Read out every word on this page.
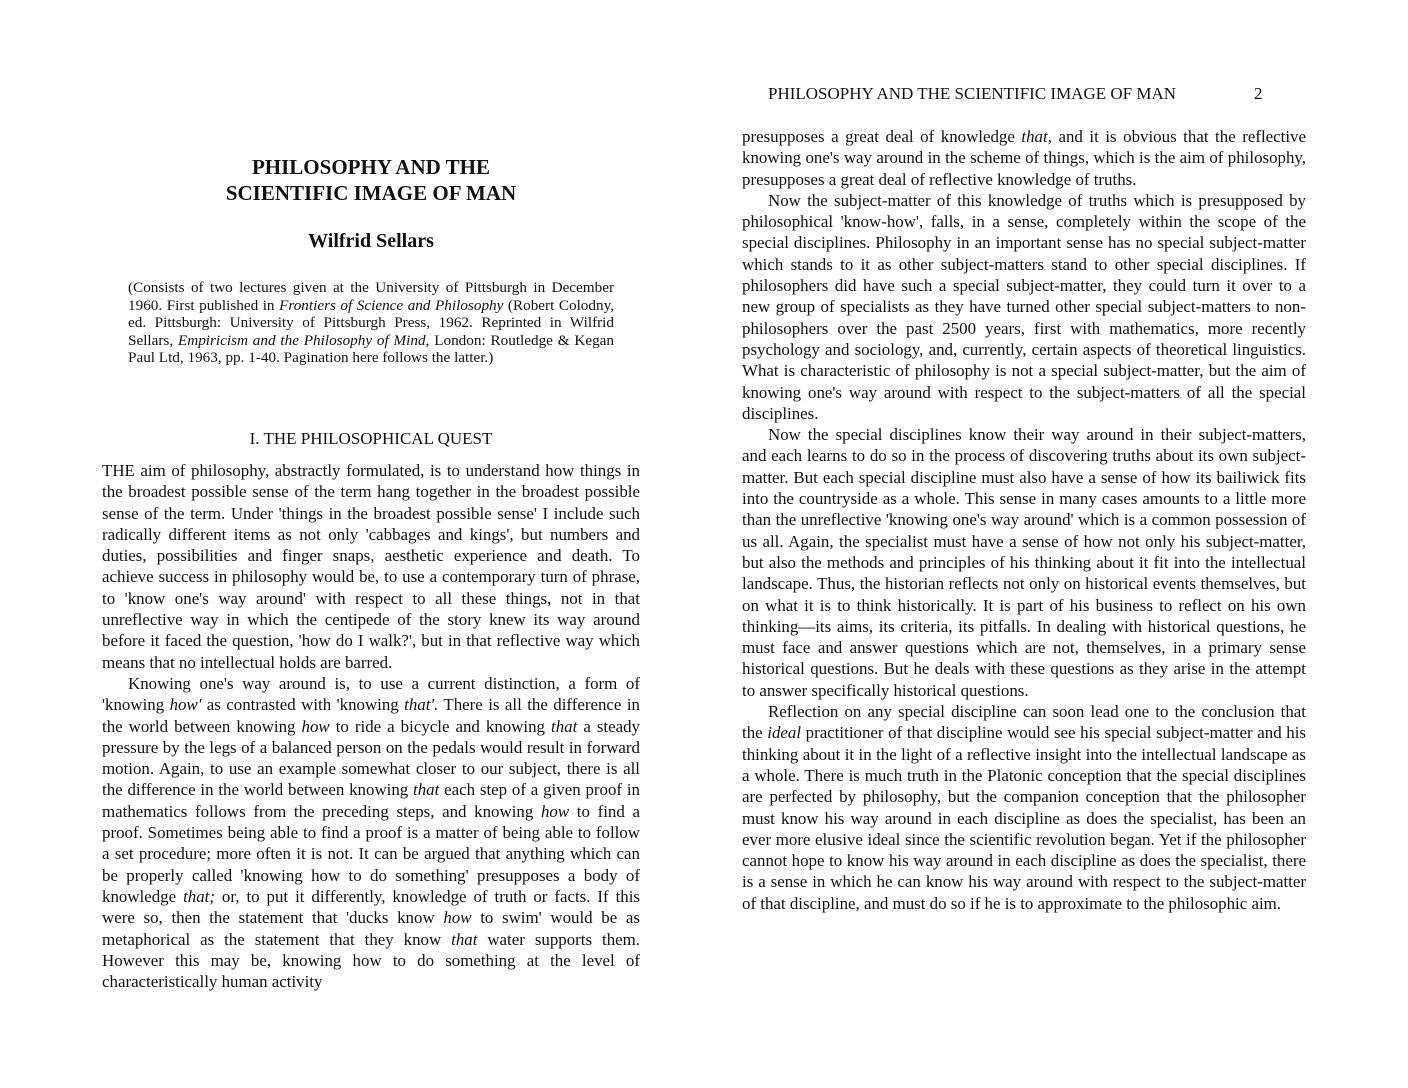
PHILOSOPHY AND THE
SCIENTIFIC IMAGE OF MAN
Wilfrid Sellars
(Consists of two lectures given at the University of Pittsburgh in December 1960. First published in Frontiers of Science and Philosophy (Robert Colodny, ed. Pittsburgh: University of Pittsburgh Press, 1962. Reprinted in Wilfrid Sellars, Empiricism and the Philosophy of Mind, London: Routledge & Kegan Paul Ltd, 1963, pp. 1-40. Pagination here follows the latter.)
I. THE PHILOSOPHICAL QUEST

THE aim of philosophy, abstractly formulated, is to understand how things in the broadest possible sense of the term hang together in the broadest possible sense of the term. Under 'things in the broadest possible sense' I include such radically different items as not only 'cabbages and kings', but numbers and duties, possibilities and finger snaps, aesthetic experience and death. To achieve success in philosophy would be, to use a contemporary turn of phrase, to 'know one's way around' with respect to all these things, not in that unreflective way in which the centipede of the story knew its way around before it faced the question, 'how do I walk?', but in that reflective way which means that no intellectual holds are barred.

Knowing one's way around is, to use a current distinction, a form of 'knowing how' as contrasted with 'knowing that'. There is all the difference in the world between knowing how to ride a bicycle and knowing that a steady pressure by the legs of a balanced person on the pedals would result in forward motion. Again, to use an example somewhat closer to our subject, there is all the difference in the world between knowing that each step of a given proof in mathematics follows from the preceding steps, and knowing how to find a proof. Sometimes being able to find a proof is a matter of being able to follow a set procedure; more often it is not. It can be argued that anything which can be properly called 'knowing how to do something' presupposes a body of knowledge that; or, to put it differently, knowledge of truth or facts. If this were so, then the statement that 'ducks know how to swim' would be as metaphorical as the statement that they know that water supports them. However this may be, knowing how to do something at the level of characteristically human activity

PHILOSOPHY AND THE SCIENTIFIC IMAGE OF MAN	2

presupposes a great deal of knowledge that, and it is obvious that the reflective knowing one's way around in the scheme of things, which is the aim of philosophy, presupposes a great deal of reflective knowledge of truths.

Now the subject-matter of this knowledge of truths which is presupposed by philosophical 'know-how', falls, in a sense, completely within the scope of the special disciplines. Philosophy in an important sense has no special subject-matter which stands to it as other subject-matters stand to other special disciplines. If philosophers did have such a special subject-matter, they could turn it over to a new group of specialists as they have turned other special subject-matters to non-philosophers over the past 2500 years, first with mathematics, more recently psychology and sociology, and, currently, certain aspects of theoretical linguistics. What is characteristic of philosophy is not a special subject-matter, but the aim of knowing one's way around with respect to the subject-matters of all the special disciplines.

Now the special disciplines know their way around in their subject-matters, and each learns to do so in the process of discovering truths about its own subject-matter. But each special discipline must also have a sense of how its bailiwick fits into the countryside as a whole. This sense in many cases amounts to a little more than the unreflective 'knowing one's way around' which is a common possession of us all. Again, the specialist must have a sense of how not only his subject-matter, but also the methods and principles of his thinking about it fit into the intellectual landscape. Thus, the historian reflects not only on historical events themselves, but on what it is to think historically. It is part of his business to reflect on his own thinking—its aims, its criteria, its pitfalls. In dealing with historical questions, he must face and answer questions which are not, themselves, in a primary sense historical questions. But he deals with these questions as they arise in the attempt to answer specifically historical questions.

Reflection on any special discipline can soon lead one to the conclusion that the ideal practitioner of that discipline would see his special subject-matter and his thinking about it in the light of a reflective insight into the intellectual landscape as a whole. There is much truth in the Platonic conception that the special disciplines are perfected by philosophy, but the companion conception that the philosopher must know his way around in each discipline as does the specialist, has been an ever more elusive ideal since the scientific revolution began. Yet if the philosopher cannot hope to know his way around in each discipline as does the specialist, there is a sense in which he can know his way around with respect to the subject-matter of that discipline, and must do so if he is to approximate to the philosophic aim.
